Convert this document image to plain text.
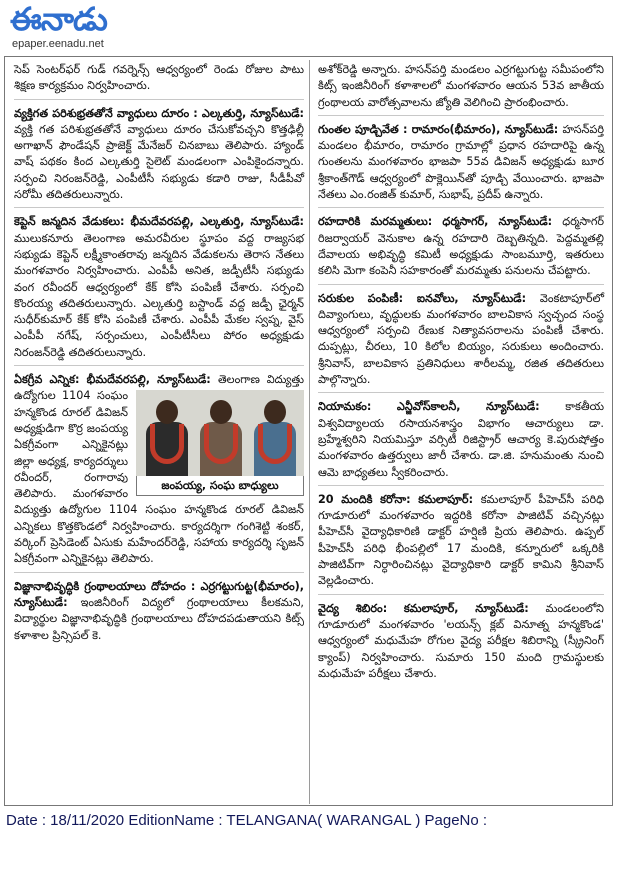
ఈనాడు
epaper.eenadu.net

సెప్ సెంటర్‌ఫర్ గుడ్ గవర్నెన్స్ ఆధ్వర్యంలో రెండు రోజుల పాటు శిక్షణ కార్యక్రమం నిర్వహించారు.

వ్యక్తిగత పరిశుభ్రతతోనే వ్యాధులు దూరం : ఎల్కతుర్తి, న్యూస్‌టుడే: వ్యక్తి గత పరిశుభ్రతతోనే వ్యాధులు దూరం చేసుకోవచ్చని కొత్తఢిల్లీ అగాఖాన్ ఫౌండేషన్ ప్రాజెక్ట్ మేనేజర్ చినబాబు తెలిపారు. హ్యాండ్ వాష్ పథకం కింద ఎల్కతుర్తి సైలెట్ మండలంగా ఎంపికైందన్నారు. సర్పంచి నిరంజన్‌రెడ్డి, ఎంపీటీసీ సభ్యుడు కడారి రాజు, సీడీపీవో సరోమీ తదితరులున్నారు.

కెప్టెన్ జన్మదిన వేడుకలు: భీమదేవరపల్లి, ఎల్కతుర్తి, న్యూస్‌టుడే: ములుకనూరు తెలంగాణ అమరవీరుల స్థూపం వద్ద రాజ్యసభ సభ్యుడు కెప్టెన్ లక్ష్మీకాంతరావు జన్మదిన వేడుకలను తెరాస నేతలు మంగళవారం నిర్వహించారు. ఎంపీపీ అనిత, జడ్పీటీసీ సభ్యుడు వంగ రవీందర్ ఆధ్వర్యంలో కేక్ కోసి పంపిణీ చేశారు. సర్పంచి కొంరయ్య తదితరులున్నారు. ఎల్కతుర్తి బస్టాండ్ వద్ద జడ్పీ ఛైర్మన్ సుధీర్‌కుమార్ కేక్ కోసి పంపిణీ చేశారు. ఎంపీపీ మేకల స్వప్న, వైస్ ఎంపీపీ నగేష్, సర్పంచులు, ఎంపీటీసీలు పోరం అధ్యక్షుడు నిరంజన్‌రెడ్డి తదితరులున్నారు.

ఏకగ్రీవ ఎన్నిక: భీమదేవరపల్లి, న్యూస్‌టుడే:
జంపయ్య, సంఘ బాధ్యులు
తెలంగాణ విద్యుత్తు ఉద్యోగుల 1104 సంఘం హన్మకొండ రూరల్ డివిజన్ అధ్యక్షుడిగా కొర్ర జంపయ్య ఏకగ్రీవంగా ఎన్నికైనట్లు జిల్లా అధ్యక్ష, కార్యదర్శులు రవీందర్, రంగారావు తెలిపారు. మంగళవారం విద్యుత్తు ఉద్యోగుల 1104 సంఘం హన్మకొండ రూరల్ డివిజన్ ఎన్నికలు కొత్తకొండలో నిర్వహించారు. కార్యదర్శిగా గంగిశెట్టి శంకర్, వర్కింగ్ ప్రెసిడెంట్ ఏసుకు మహేందర్‌రెడ్డి, సహాయ కార్యదర్శి సృజన్ ఏకగ్రీవంగా ఎన్నికైనట్లు తెలిపారు.

విజ్ఞానాభివృద్ధికి గ్రంథాలయాలు దోహదం : ఎర్రగట్టుగుట్ట(భీమారం), న్యూస్‌టుడే: ఇంజినీరింగ్ విద్యలో గ్రంథాలయాలు కీలకమని, విద్యార్థుల విజ్ఞానాభివృద్ధికి గ్రంథాలయాలు దోహదపడుతాయని కిట్స్ కళాశాల ప్రిన్సిపల్ కె.

అశోక్‌రెడ్డి అన్నారు. హసన్‌పర్తి మండలం ఎర్రగట్టుగుట్ట సమీపంలోని కిట్స్ ఇంజినీరింగ్ కళాశాలలో మంగళవారం ఆయన 53వ జాతీయ గ్రంథాలయ వారోత్సవాలను జ్యోతి వెలిగించి ప్రారంభించారు.

గుంతల పూడ్చివేత : రామారం(భీమారం), న్యూస్‌టుడే: హసన్‌పర్తి మండలం భీమారం, రామారం గ్రామాల్లో ప్రధాన రహదారిపై ఉన్న గుంతలను మంగళవారం భాజపా 55వ డివిజన్ అధ్యక్షుడు బూర శ్రీకాంత్‌గౌడ్ ఆధ్వర్యంలో పొక్లెయిన్‌తో పూడ్చి వేయించారు. భాజపా నేతలు ఎం.రంజిత్ కుమార్, సుభాష్, ప్రదీప్ ఉన్నారు.

రహదారికి మరమ్మతులు: ధర్మసాగర్, న్యూస్‌టుడే: ధర్మసాగర్ రిజర్వాయర్ వెనుకాల ఉన్న రహదారి దెబ్బతిన్నది. పెద్దమ్మతల్లి దేవాలయ అభివృద్ధి కమిటీ అధ్యక్షుడు సాంబమూర్తి, ఇతరులు కలిసి మెగా కంపెనీ సహకారంతో మరమ్మతు పనులను చేపట్టారు.

సరుకుల పంపిణీ: ఐనవోలు, న్యూస్‌టుడే: వెంకటాపూర్‌లో దివ్యాంగులు, వృద్ధులకు మంగళవారం బాలవికాస స్వచ్ఛంద సంస్థ ఆధ్వర్యంలో సర్పంచి రేణుక నిత్యావసరాలను పంపిణీ చేశారు. దుప్పట్లు, చీరలు, 10 కిలోల బియ్యం, సరుకులు అందించారు. శ్రీనివాస్, బాలవికాస ప్రతినిధులు శారీలమ్మ, రజిత తదితరులు పాల్గొన్నారు.

నియామకం: ఎన్జీవోస్‌కాలనీ, న్యూస్‌టుడే: కాకతీయ విశ్వవిద్యాలయ రసాయనశాస్త్రం విభాగం ఆచార్యులు డా. బ్రహ్మేశ్వరిని నియమిస్తూ వర్సిటీ రిజిస్ట్రార్ ఆచార్య కె.పురుషోత్తం మంగళవారం ఉత్తర్వులు జారీ చేశారు. డా.జి. హనుమంతు నుంచి ఆమె బాధ్యతలు స్వీకరించారు.

20 మందికి కరోనా: కమలాపూర్: కమలాపూర్ పీహెచ్‌సీ పరిధి గూడూరులో మంగళవారం ఇద్దరికి కరోనా పాజిటివ్ వచ్చినట్లు పీహెచ్‌సీ వైద్యాధికారిణి డాక్టర్ హర్షిణి ప్రియ తెలిపారు. ఉప్పల్ పీహెచ్‌సీ పరిధి భీంపల్లిలో 17 మందికి, కన్నూరులో ఒక్కరికి పాజిటివ్‌గా నిర్ధారించినట్లు వైద్యాధికారి డాక్టర్ కామిని శ్రీనివాస్ వెల్లడించారు.

వైద్య శిబిరం: కమలాపూర్, న్యూస్‌టుడే: మండలంలోని గూడూరులో మంగళవారం 'లయన్స్ క్లబ్ వినూత్న హన్మకొండ' ఆధ్వర్యంలో మధుమేహ రోగుల వైద్య పరీక్షల శిబిరాన్ని (స్క్రీనింగ్ క్యాంప్) నిర్వహించారు. సుమారు 150 మంది గ్రామస్థులకు మధుమేహ పరీక్షలు చేశారు.

Date : 18/11/2020 EditionName : TELANGANA( WARANGAL ) PageNo :
